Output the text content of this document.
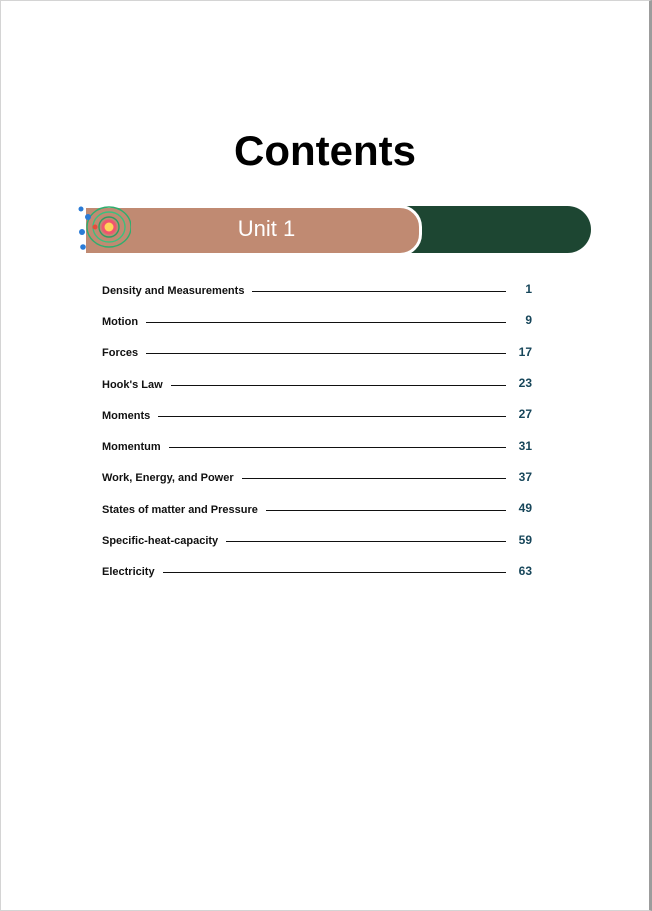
Contents
Unit 1
Density and Measurements	1
Motion	9
Forces	17
Hook's Law	23
Moments	27
Momentum	31
Work, Energy, and Power	37
States of matter and Pressure	49
Specific-heat-capacity	59
Electricity	63
